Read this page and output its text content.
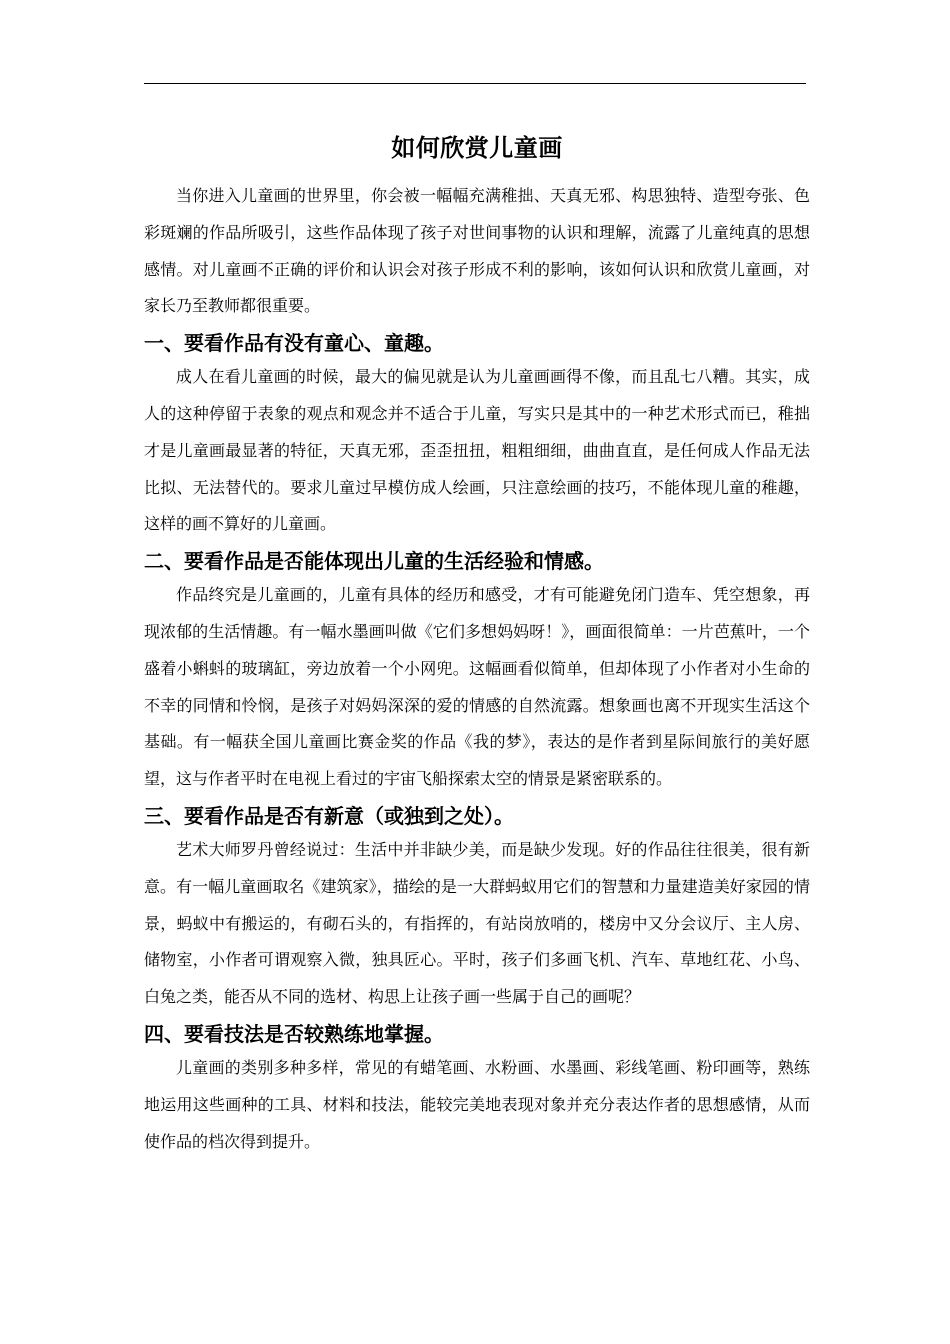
如何欣赏儿童画

当你进入儿童画的世界里，你会被一幅幅充满稚拙、天真无邪、构思独特、造型夸张、色彩斑斓的作品所吸引，这些作品体现了孩子对世间事物的认识和理解，流露了儿童纯真的思想感情。对儿童画不正确的评价和认识会对孩子形成不利的影响，该如何认识和欣赏儿童画，对家长乃至教师都很重要。

一、要看作品有没有童心、童趣。

成人在看儿童画的时候，最大的偏见就是认为儿童画画得不像，而且乱七八糟。其实，成人的这种停留于表象的观点和观念并不适合于儿童，写实只是其中的一种艺术形式而已，稚拙才是儿童画最显著的特征，天真无邪，歪歪扭扭，粗粗细细，曲曲直直，是任何成人作品无法比拟、无法替代的。要求儿童过早模仿成人绘画，只注意绘画的技巧，不能体现儿童的稚趣，这样的画不算好的儿童画。

二、要看作品是否能体现出儿童的生活经验和情感。

作品终究是儿童画的，儿童有具体的经历和感受，才有可能避免闭门造车、凭空想象，再现浓郁的生活情趣。有一幅水墨画叫做《它们多想妈妈呀！》，画面很简单：一片芭蕉叶，一个盛着小蝌蚪的玻璃缸，旁边放着一个小网兜。这幅画看似简单，但却体现了小作者对小生命的不幸的同情和怜悯，是孩子对妈妈深深的爱的情感的自然流露。想象画也离不开现实生活这个基础。有一幅获全国儿童画比赛金奖的作品《我的梦》，表达的是作者到星际间旅行的美好愿望，这与作者平时在电视上看过的宇宙飞船探索太空的情景是紧密联系的。

三、要看作品是否有新意（或独到之处）。

艺术大师罗丹曾经说过：生活中并非缺少美，而是缺少发现。好的作品往往很美，很有新意。有一幅儿童画取名《建筑家》，描绘的是一大群蚂蚁用它们的智慧和力量建造美好家园的情景，蚂蚁中有搬运的，有砌石头的，有指挥的，有站岗放哨的，楼房中又分会议厅、主人房、储物室，小作者可谓观察入微，独具匠心。平时，孩子们多画飞机、汽车、草地红花、小鸟、白兔之类，能否从不同的选材、构思上让孩子画一些属于自己的画呢？

四、要看技法是否较熟练地掌握。

儿童画的类别多种多样，常见的有蜡笔画、水粉画、水墨画、彩线笔画、粉印画等，熟练地运用这些画种的工具、材料和技法，能较完美地表现对象并充分表达作者的思想感情，从而使作品的档次得到提升。
